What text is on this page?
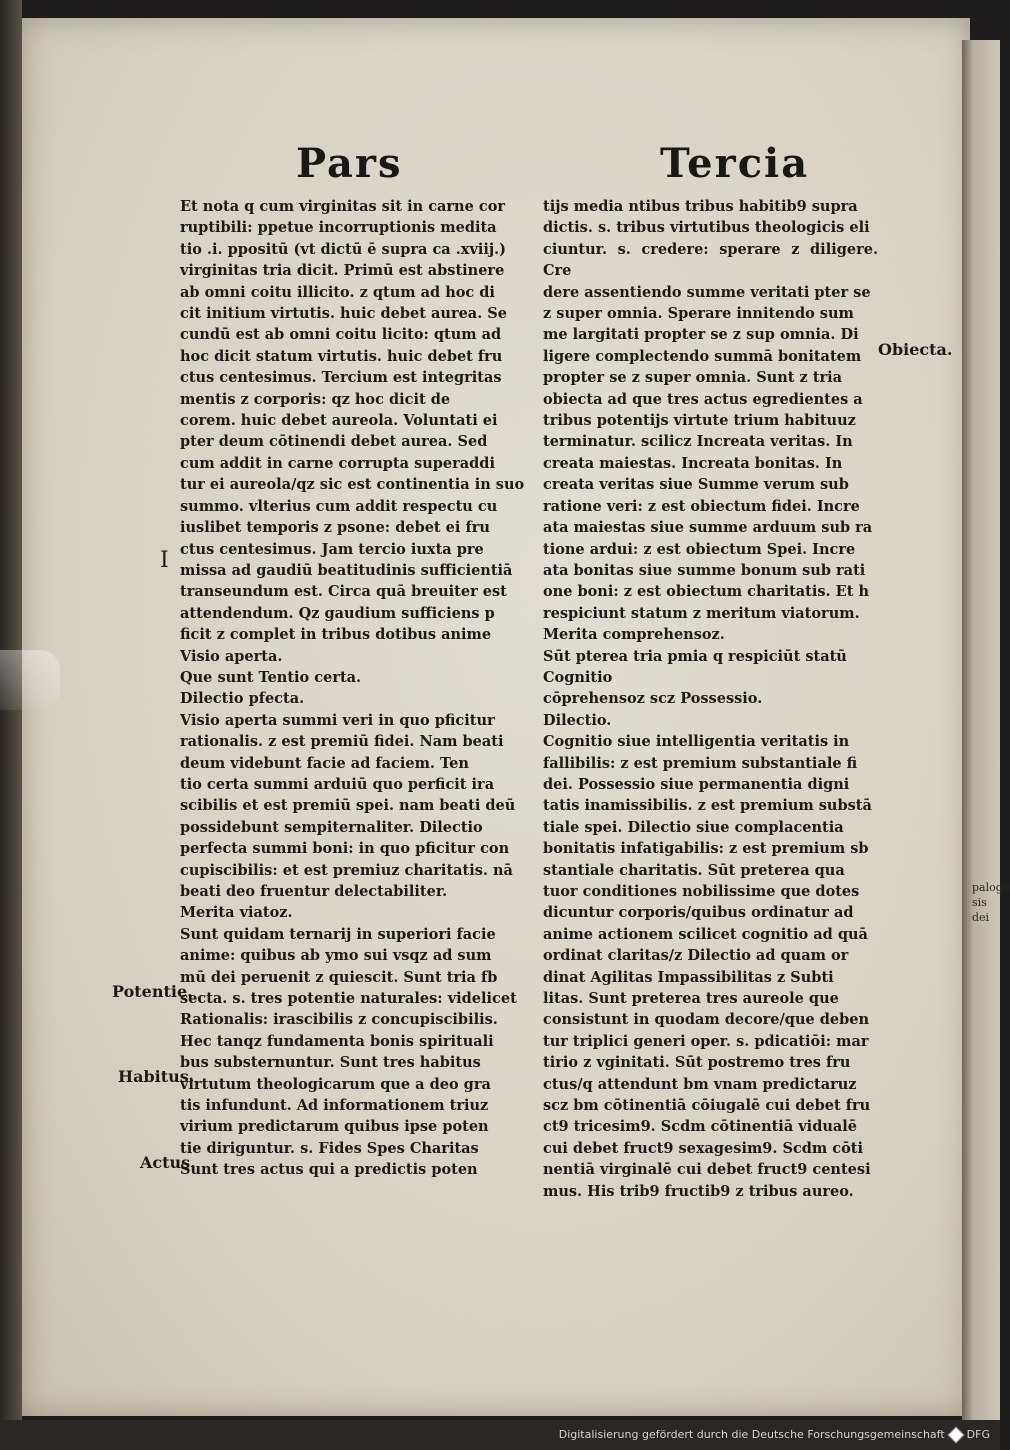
Pars	Tercia
Et nota q cum virginitas sit in carne cor
ruptibili: ppetue incorruptionis medita
tio .i. ppositū (vt dictū ē supra ca .xviij.)
virginitas tria dicit. Primū est abstinere
ab omni coitu illicito. z qtum ad hoc di
cit initium virtutis. huic debet aurea. Se
cundū est ab omni coitu licito: qtum ad
hoc dicit statum virtutis. huic debet fru
ctus centesimus. Tercium est integritas
mentis z corporis: qz hoc dicit de
corem. huic debet aureola. Voluntati ei
pter deum cōtinendi debet aurea. Sed
cum addit in carne corrupta superaddi
tur ei aureola/qz sic est continentia in suo
summo. vlterius cum addit respectu cu
iuslibet temporis z psone: debet ei fru
ctus centesimus. Jam tercio iuxta pre
missa ad gaudiū beatitudinis sufficientiā
transeundum est. Circa quā breuiter est
attendendum. Qz gaudium sufficiens p
ficit z complet in tribus dotibus anime
Visio aperta.
Que sunt Tentio certa.
Dilectio pfecta.
Visio aperta summi veri in quo pficitur
rationalis. z est premiū fidei. Nam beati
deum videbunt facie ad faciem. Ten
tio certa summi arduiū quo perficit ira
scibilis et est premiū spei. nam beati deū
possidebunt sempiternaliter. Dilectio
perfecta summi boni: in quo pficitur con
cupiscibilis: et est premiuz charitatis. nā
beati deo fruentur delectabiliter.
Merita viatoz.
Sunt quidam ternarij in superiori facie
anime: quibus ab ymo sui vsqz ad sum
mū dei peruenit z quiescit. Sunt tria fb
secta. s. tres potentie naturales: videlicet
Rationalis: irascibilis z concupiscibilis.
Hec tanqz fundamenta bonis spirituali
bus substernuntur. Sunt tres habitus
virtutum theologicarum que a deo gra
tis infundunt. Ad informationem triuz
virium predictarum quibus ipse poten
tie diriguntur. s. Fides Spes Charitas
Sunt tres actus qui a predictis poten
tijs media ntibus tribus habitib9 supra
dictis. s. tribus virtutibus theologicis eli
ciuntur. s. credere: sperare z diligere. Cre
dere assentiendo summe veritati pter se
z super omnia. Sperare innitendo sum
me largitati propter se z sup omnia. Di
ligere complectendo summā bonitatem
propter se z super omnia. Sunt z tria
obiecta ad que tres actus egredientes a
tribus potentijs virtute trium habituuz
terminatur. scilicz Increata veritas. In
creata maiestas. Increata bonitas. In
creata veritas siue Summe verum sub
ratione veri: z est obiectum fidei. Incre
ata maiestas siue summe arduum sub ra
tione ardui: z est obiectum Spei. Incre
ata bonitas siue summe bonum sub rati
one boni: z est obiectum charitatis. Et h
respiciunt statum z meritum viatorum.
Merita comprehensoz.
Sūt pterea tria pmia q respiciūt statū
Cognitio
cōprehensoz scz Possessio.
Dilectio.
Cognitio siue intelligentia veritatis in
fallibilis: z est premium substantiale fi
dei. Possessio siue permanentia digni
tatis inamissibilis. z est premium substā
tiale spei. Dilectio siue complacentia
bonitatis infatigabilis: z est premium sb
stantiale charitatis. Sūt preterea qua
tuor conditiones nobilissime que dotes
dicuntur corporis/quibus ordinatur ad
anime actionem scilicet cognitio ad quā
ordinat claritas/z Dilectio ad quam or
dinat Agilitas Impassibilitas z Subti
litas. Sunt preterea tres aureole que
consistunt in quodam decore/que deben
tur triplici generi oper. s. pdicatiōi: mar
tirio z vginitati. Sūt postremo tres fru
ctus/q attendunt bm vnam predictaruz
scz bm cōtinentiā cōiugalē cui debet fru
ct9 tricesim9. Scdm cōtinentiā vidualē
cui debet fruct9 sexagesim9. Scdm cōti
nentiā virginalē cui debet fruct9 centesi
mus. His trib9 fructib9 z tribus aureo.
I
Obiecta.
Potentie.
Habitus.
Actus.
palog9
sis dei
Digitalisierung gefördert durch die Deutsche Forschungsgemeinschaft DFG
